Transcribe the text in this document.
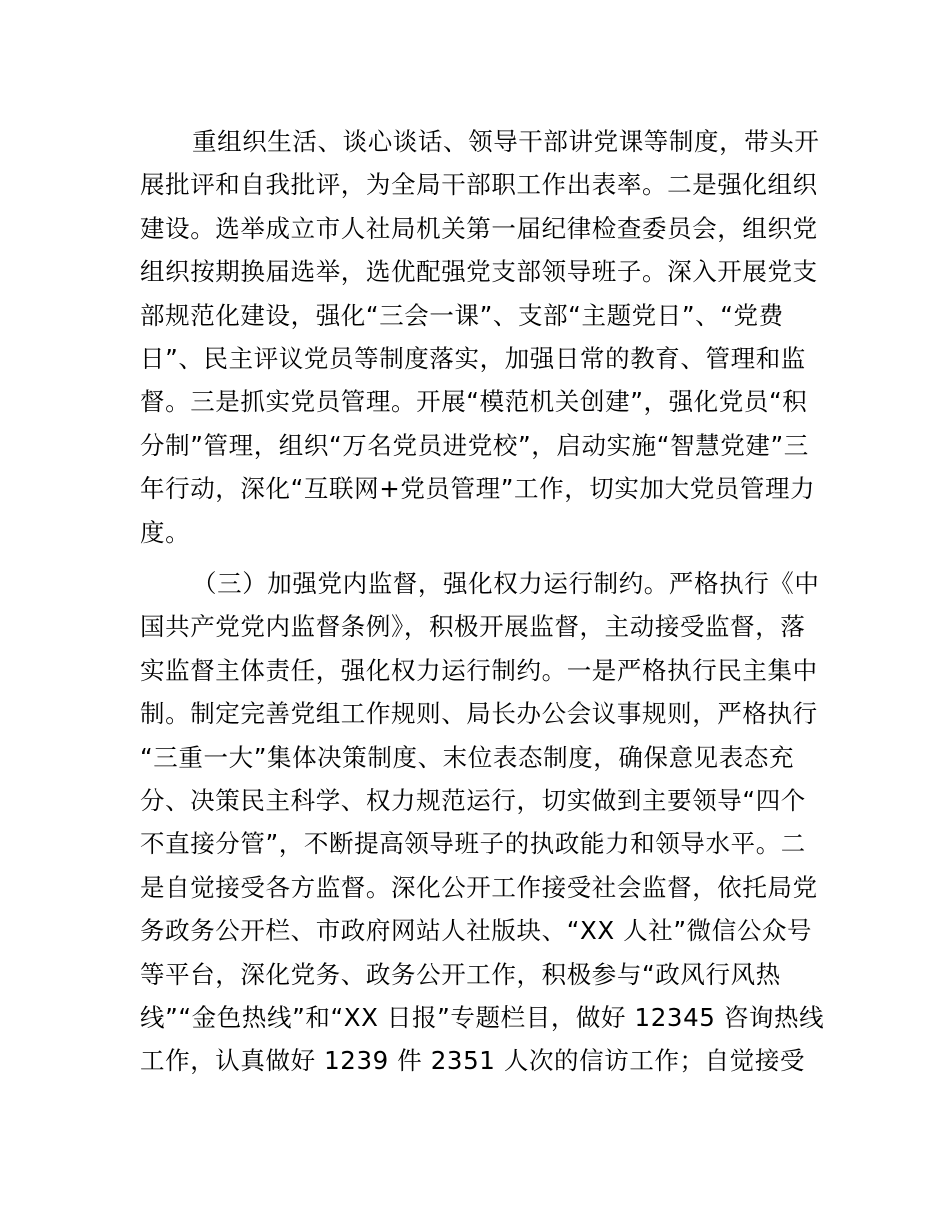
重组织生活、谈心谈话、领导干部讲党课等制度，带头开
展批评和自我批评，为全局干部职工作出表率。二是强化组织
建设。选举成立市人社局机关第一届纪律检查委员会，组织党
组织按期换届选举，选优配强党支部领导班子。深入开展党支
部规范化建设，强化“三会一课”、支部“主题党日”、“党费
日”、民主评议党员等制度落实，加强日常的教育、管理和监
督。三是抓实党员管理。开展“模范机关创建”，强化党员“积
分制”管理，组织“万名党员进党校”，启动实施“智慧党建”三
年行动，深化“互联网+党员管理”工作，切实加大党员管理力
度。
（三）加强党内监督，强化权力运行制约。严格执行《中
国共产党党内监督条例》，积极开展监督，主动接受监督，落
实监督主体责任，强化权力运行制约。一是严格执行民主集中
制。制定完善党组工作规则、局长办公会议事规则，严格执行
“三重一大”集体决策制度、末位表态制度，确保意见表态充
分、决策民主科学、权力规范运行，切实做到主要领导“四个
不直接分管”，不断提高领导班子的执政能力和领导水平。二
是自觉接受各方监督。深化公开工作接受社会监督，依托局党
务政务公开栏、市政府网站人社版块、“XX 人社”微信公众号
等平台，深化党务、政务公开工作，积极参与“政风行风热
线”“金色热线”和“XX 日报”专题栏目，做好 12345 咨询热线
工作，认真做好 1239 件 2351 人次的信访工作；自觉接受
